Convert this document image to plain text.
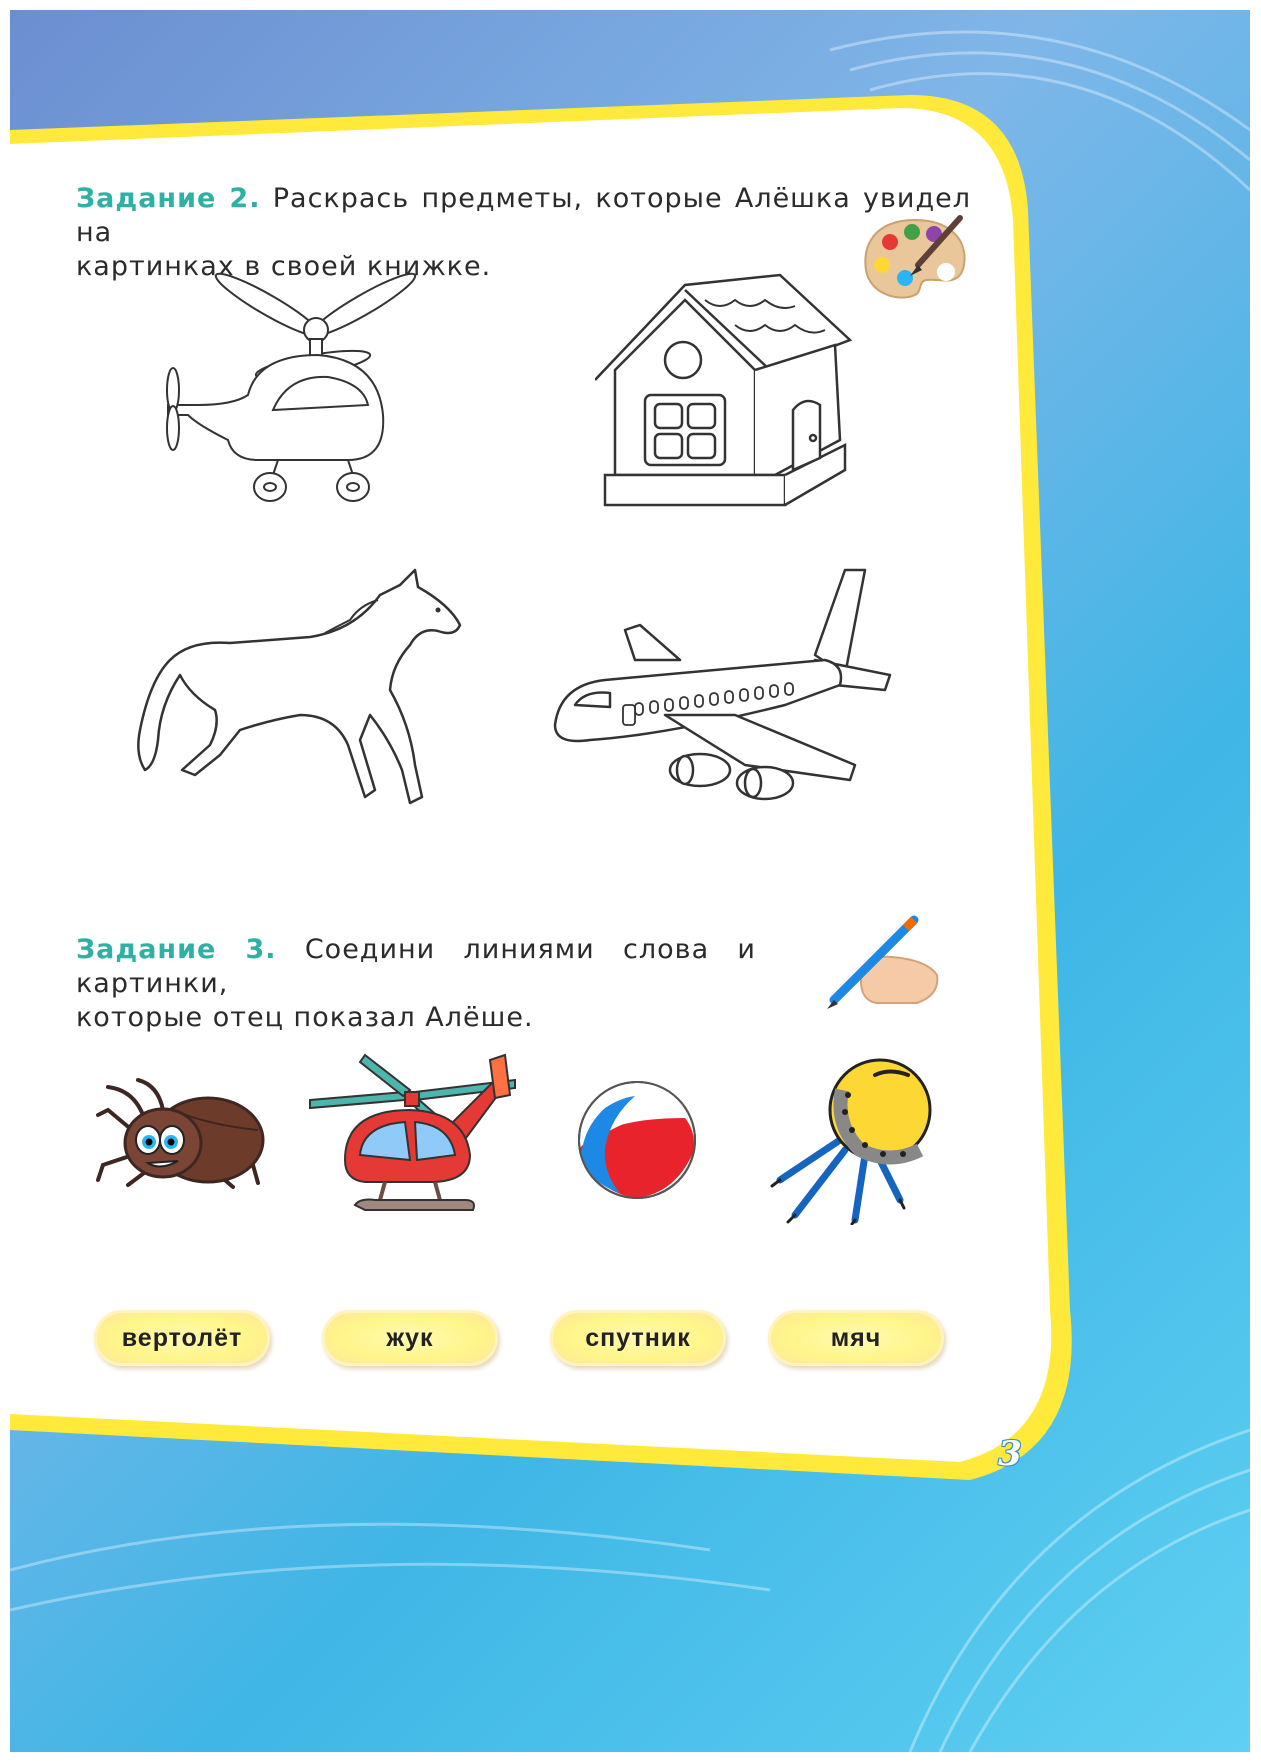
Задание 2. Раскрась предметы, которые Алёшка увидел на
картинках в своей книжке.
Задание 3. Соедини линиями слова и картинки,
которые отец показал Алёше.
вертолёт	жук	спутник	мяч
3
